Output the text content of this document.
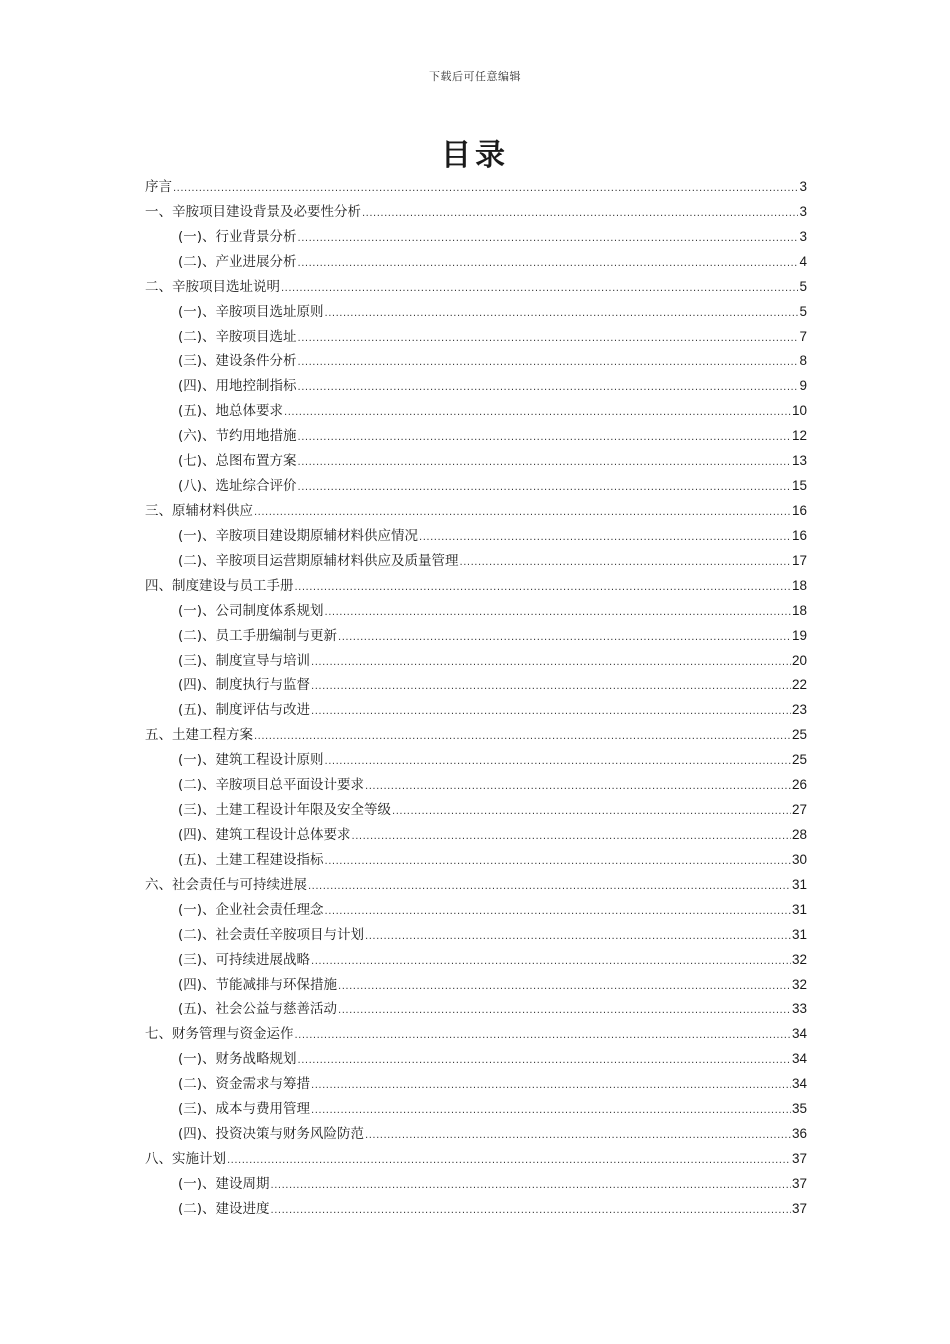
下载后可任意编辑
目录
序言 .....	3
一、辛胺项目建设背景及必要性分析 .....	3
(一)、行业背景分析 .....	3
(二)、产业进展分析 .....	4
二、辛胺项目选址说明 .....	5
(一)、辛胺项目选址原则 .....	5
(二)、辛胺项目选址 .....	7
(三)、建设条件分析 .....	8
(四)、用地控制指标 .....	9
(五)、地总体要求 .....	10
(六)、节约用地措施 .....	12
(七)、总图布置方案 .....	13
(八)、选址综合评价 .....	15
三、原辅材料供应 .....	16
(一)、辛胺项目建设期原辅材料供应情况 .....	16
(二)、辛胺项目运营期原辅材料供应及质量管理 .....	17
四、制度建设与员工手册 .....	18
(一)、公司制度体系规划 .....	18
(二)、员工手册编制与更新 .....	19
(三)、制度宣导与培训 .....	20
(四)、制度执行与监督 .....	22
(五)、制度评估与改进 .....	23
五、土建工程方案 .....	25
(一)、建筑工程设计原则 .....	25
(二)、辛胺项目总平面设计要求 .....	26
(三)、土建工程设计年限及安全等级 .....	27
(四)、建筑工程设计总体要求 .....	28
(五)、土建工程建设指标 .....	30
六、社会责任与可持续进展 .....	31
(一)、企业社会责任理念 .....	31
(二)、社会责任辛胺项目与计划 .....	31
(三)、可持续进展战略 .....	32
(四)、节能减排与环保措施 .....	32
(五)、社会公益与慈善活动 .....	33
七、财务管理与资金运作 .....	34
(一)、财务战略规划 .....	34
(二)、资金需求与筹措 .....	34
(三)、成本与费用管理 .....	35
(四)、投资决策与财务风险防范 .....	36
八、实施计划 .....	37
(一)、建设周期 .....	37
(二)、建设进度 .....	37
